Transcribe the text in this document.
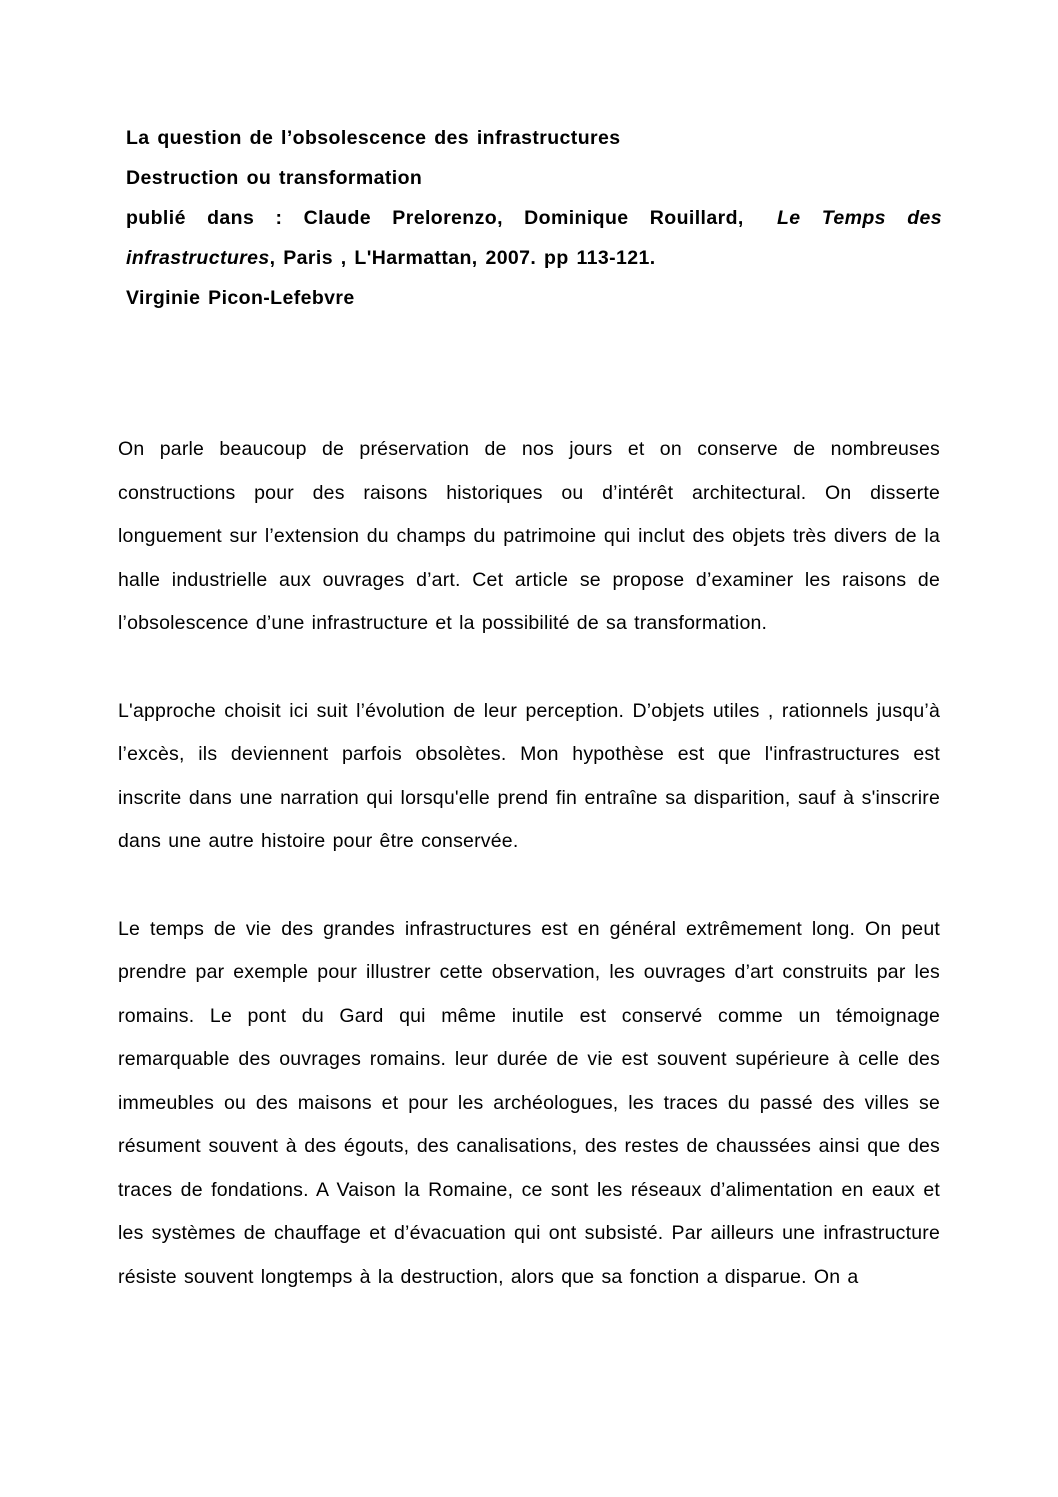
La question de l’obsolescence des infrastructures
Destruction ou transformation

publié dans : Claude Prelorenzo, Dominique Rouillard, Le Temps des infrastructures, Paris , L'Harmattan, 2007. pp 113-121.

Virginie Picon-Lefebvre

On parle beaucoup de préservation de nos jours et on conserve de nombreuses constructions pour des raisons historiques ou d’intérêt architectural. On disserte longuement sur l’extension du champs du patrimoine qui inclut des objets très divers de la halle industrielle aux ouvrages d’art. Cet article se propose d’examiner les raisons de l’obsolescence d’une infrastructure et la possibilité de sa transformation.

L'approche choisit ici suit l’évolution de leur perception. D’objets utiles , rationnels jusqu’à l’excès, ils deviennent parfois obsolètes. Mon hypothèse est que l'infrastructures est inscrite dans une narration qui lorsqu'elle prend fin entraîne sa disparition, sauf à s'inscrire dans une autre histoire pour être conservée.

Le temps de vie des grandes infrastructures est en général extrêmement long. On peut prendre par exemple pour illustrer cette observation, les ouvrages d’art construits par les romains. Le pont du Gard qui même inutile est conservé comme un témoignage remarquable des ouvrages romains. leur durée de vie est souvent supérieure à celle des immeubles ou des maisons et pour les archéologues, les traces du passé des villes se résument souvent à des égouts, des canalisations, des restes de chaussées ainsi que des traces de fondations. A Vaison la Romaine, ce sont les réseaux d’alimentation en eaux et les systèmes de chauffage et d’évacuation qui ont subsisté. Par ailleurs une infrastructure résiste souvent longtemps à la destruction, alors que sa fonction a disparue. On a
